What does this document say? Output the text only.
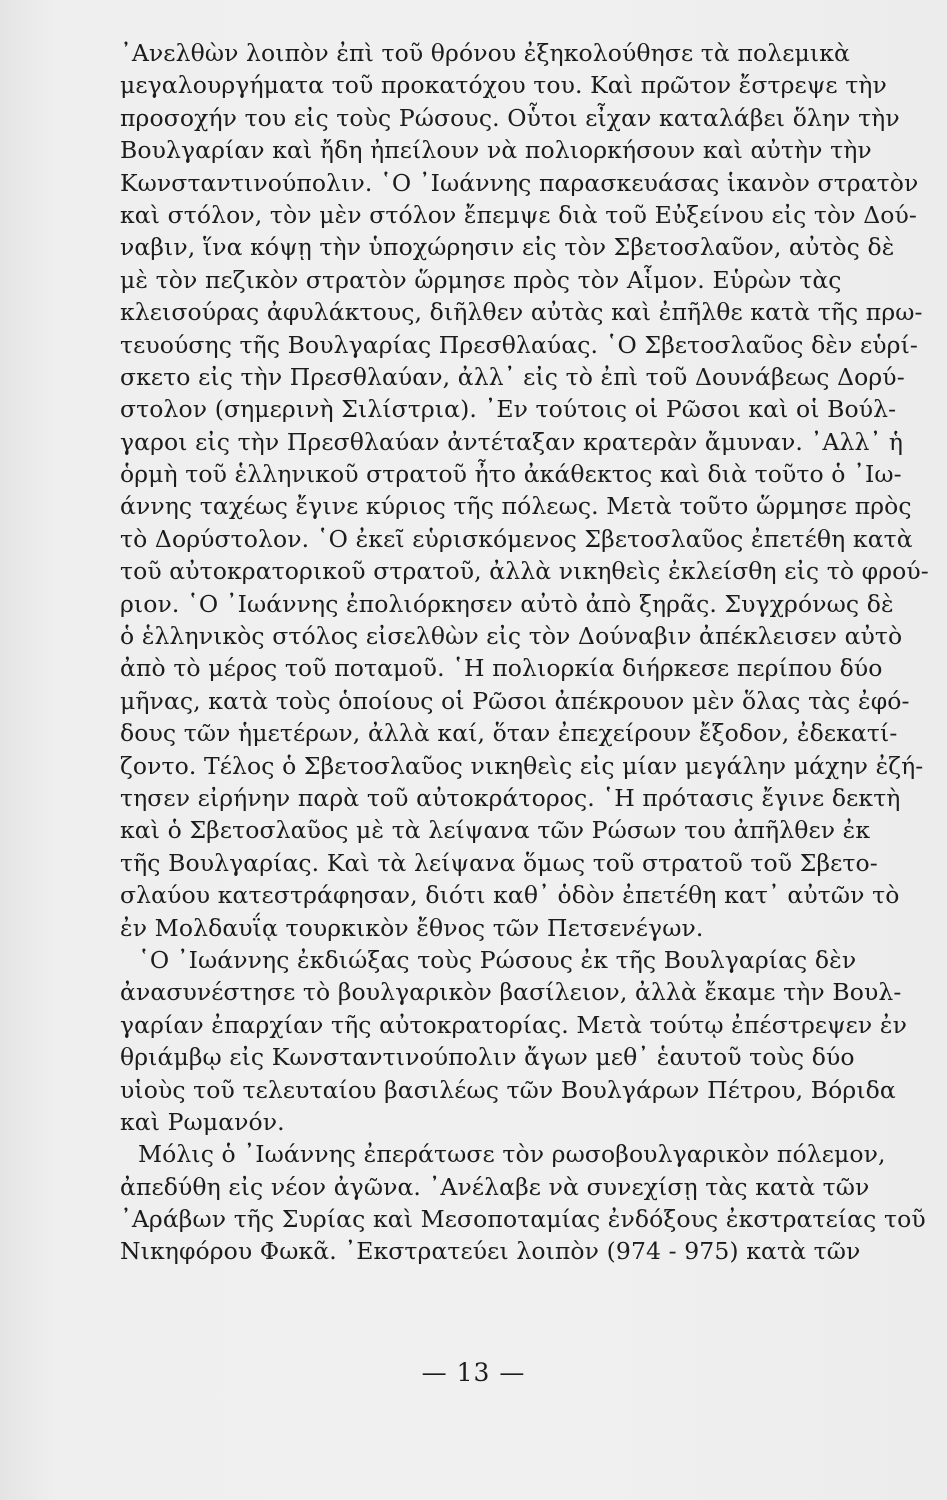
᾿Ανελθὼν λοιπὸν ἐπὶ τοῦ θρόνου ἐξηκολούθησε τὰ πολεμικὰ
μεγαλουργήματα τοῦ προκατόχου του. Καὶ πρῶτον ἔστρεψε τὴν
προσοχήν του εἰς τοὺς Ρώσους. Οὗτοι εἶχαν καταλάβει ὅλην τὴν
Βουλγαρίαν καὶ ἤδη ἠπείλουν νὰ πολιορκήσουν καὶ αὐτὴν τὴν
Κωνσταντινούπολιν. ῾Ο ᾿Ιωάννης παρασκευάσας ἱκανὸν στρατὸν
καὶ στόλον, τὸν μὲν στόλον ἔπεμψε διὰ τοῦ Εὐξείνου εἰς τὸν Δού-
ναβιν, ἵνα κόψῃ τὴν ὑποχώρησιν εἰς τὸν Σβετοσλαῦον, αὐτὸς δὲ
μὲ τὸν πεζικὸν στρατὸν ὥρμησε πρὸς τὸν Αἷμον. Εὑρὼν τὰς
κλεισούρας ἀφυλάκτους, διῆλθεν αὐτὰς καὶ ἐπῆλθε κατὰ τῆς πρω-
τευούσης τῆς Βουλγαρίας Πρεσθλαύας. ῾Ο Σβετοσλαῦος δὲν εὑρί-
σκετο εἰς τὴν Πρεσθλαύαν, ἀλλ᾿ εἰς τὸ ἐπὶ τοῦ Δουνάβεως Δορύ-
στολον (σημερινὴ Σιλίστρια). ᾿Εν τούτοις οἱ Ρῶσοι καὶ οἱ Βούλ-
γαροι εἰς τὴν Πρεσθλαύαν ἀντέταξαν κρατερὰν ἄμυναν. ᾿Αλλ᾿ ἡ
ὁρμὴ τοῦ ἑλληνικοῦ στρατοῦ ἦτο ἀκάθεκτος καὶ διὰ τοῦτο ὁ ᾿Ιω-
άννης ταχέως ἔγινε κύριος τῆς πόλεως. Μετὰ τοῦτο ὥρμησε πρὸς
τὸ Δορύστολον. ῾Ο ἐκεῖ εὑρισκόμενος Σβετοσλαῦος ἐπετέθη κατὰ
τοῦ αὐτοκρατορικοῦ στρατοῦ, ἀλλὰ νικηθεὶς ἐκλείσθη εἰς τὸ φρού-
ριον. ῾Ο ᾿Ιωάννης ἐπολιόρκησεν αὐτὸ ἀπὸ ξηρᾶς. Συγχρόνως δὲ
ὁ ἑλληνικὸς στόλος εἰσελθὼν εἰς τὸν Δούναβιν ἀπέκλεισεν αὐτὸ
ἀπὸ τὸ μέρος τοῦ ποταμοῦ. ῾Η πολιορκία διήρκεσε περίπου δύο
μῆνας, κατὰ τοὺς ὁποίους οἱ Ρῶσοι ἀπέκρουον μὲν ὅλας τὰς ἐφό-
δους τῶν ἡμετέρων, ἀλλὰ καί, ὅταν ἐπεχείρουν ἔξοδον, ἐδεκατί-
ζοντο. Τέλος ὁ Σβετοσλαῦος νικηθεὶς εἰς μίαν μεγάλην μάχην ἐζή-
τησεν εἰρήνην παρὰ τοῦ αὐτοκράτορος. ῾Η πρότασις ἔγινε δεκτὴ
καὶ ὁ Σβετοσλαῦος μὲ τὰ λείψανα τῶν Ρώσων του ἀπῆλθεν ἐκ
τῆς Βουλγαρίας. Καὶ τὰ λείψανα ὅμως τοῦ στρατοῦ τοῦ Σβετο-
σλαύου κατεστράφησαν, διότι καθ᾿ ὁδὸν ἐπετέθη κατ᾿ αὐτῶν τὸ
ἐν Μολδαυΐᾳ τουρκικὸν ἔθνος τῶν Πετσενέγων.
῾Ο ᾿Ιωάννης ἐκδιώξας τοὺς Ρώσους ἐκ τῆς Βουλγαρίας δὲν
ἀνασυνέστησε τὸ βουλγαρικὸν βασίλειον, ἀλλὰ ἔκαμε τὴν Βουλ-
γαρίαν ἐπαρχίαν τῆς αὐτοκρατορίας. Μετὰ τούτῳ ἐπέστρεψεν ἐν
θριάμβῳ εἰς Κωνσταντινούπολιν ἄγων μεθ᾿ ἑαυτοῦ τοὺς δύο
υἱοὺς τοῦ τελευταίου βασιλέως τῶν Βουλγάρων Πέτρου, Βόριδα
καὶ Ρωμανόν.
Μόλις ὁ ᾿Ιωάννης ἐπεράτωσε τὸν ρωσοβουλγαρικὸν πόλεμον,
ἀπεδύθη εἰς νέον ἀγῶνα. ᾿Ανέλαβε νὰ συνεχίσῃ τὰς κατὰ τῶν
᾿Αράβων τῆς Συρίας καὶ Μεσοποταμίας ἐνδόξους ἐκστρατείας τοῦ
Νικηφόρου Φωκᾶ. ᾿Εκστρατεύει λοιπὸν (974 - 975) κατὰ τῶν
— 13 —
